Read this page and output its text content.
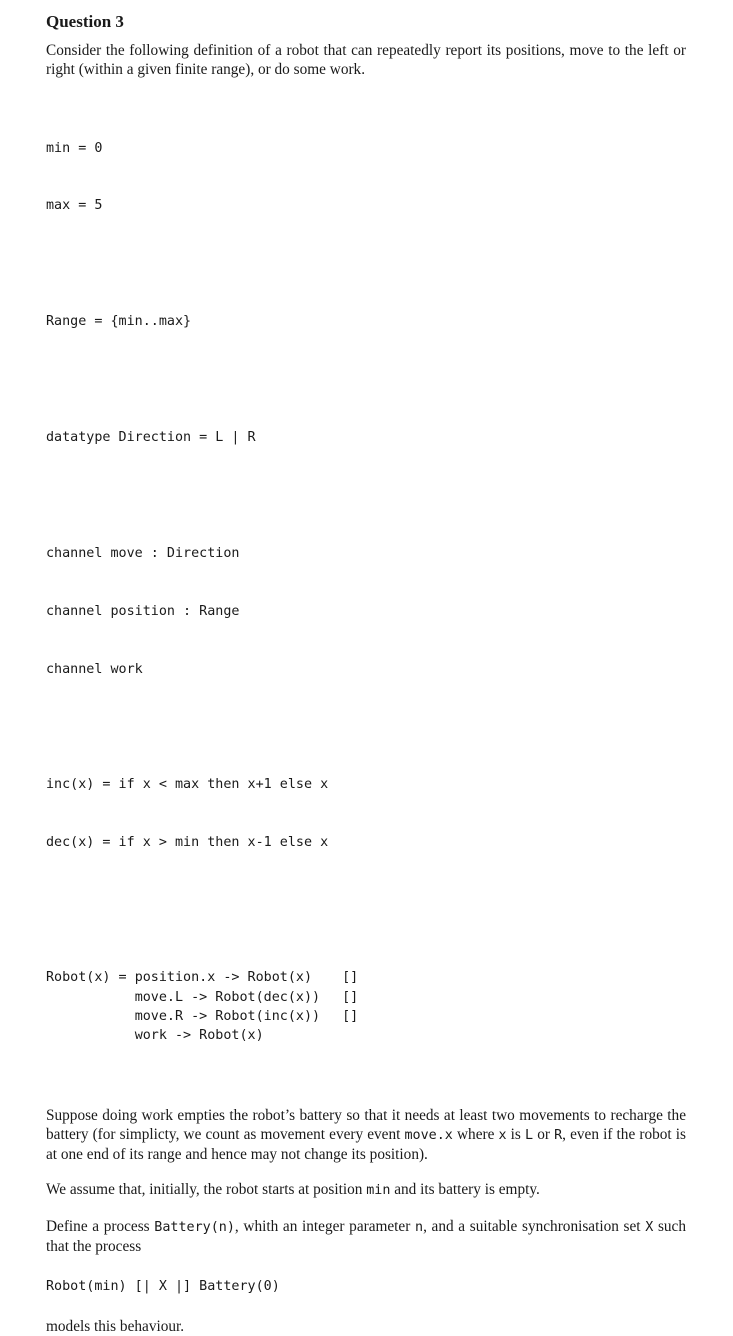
Question 3

Consider the following definition of a robot that can repeatedly report its positions, move to the left or right (within a given finite range), or do some work.

min = 0

max = 5

Range = {min..max}

datatype Direction = L | R

channel move : Direction

channel position : Range

channel work

inc(x) = if x < max then x+1 else x

dec(x) = if x > min then x-1 else x

Robot(x) =	position.x -> Robot(x)	[]
	move.L -> Robot(dec(x))	[]
	move.R -> Robot(inc(x))	[]
	work -> Robot(x)	

Suppose doing work empties the robot’s battery so that it needs at least two movements to recharge the battery (for simplicty, we count as movement every event move.x where x is L or R, even if the robot is at one end of its range and hence may not change its position).

We assume that, initially, the robot starts at position min and its battery is empty.

Define a process Battery(n), whith an integer parameter n, and a suitable synchronisation set X such that the process

Robot(min) [| X |] Battery(0)

models this behaviour.
